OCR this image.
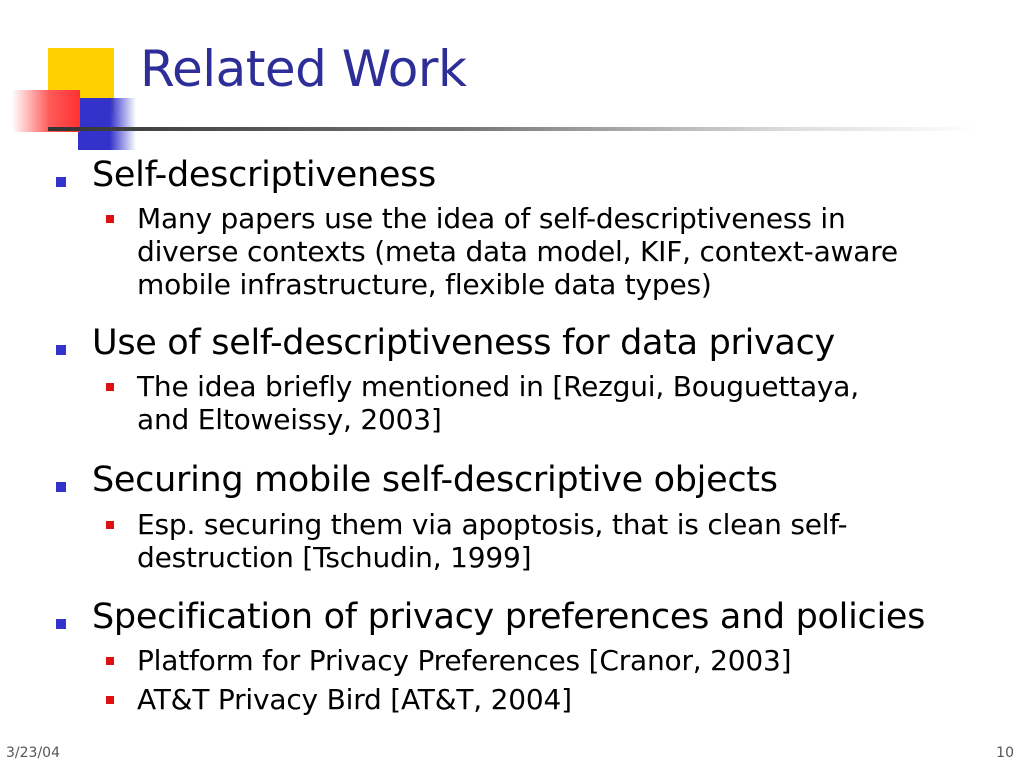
Related Work
Self-descriptiveness
Many papers use the idea of self-descriptiveness in
diverse contexts (meta data model, KIF, context-aware
mobile infrastructure, flexible data types)
Use of self-descriptiveness for data privacy
The idea briefly mentioned in [Rezgui, Bouguettaya,
and Eltoweissy, 2003]
Securing mobile self-descriptive objects
Esp. securing them via apoptosis, that is clean self-
destruction [Tschudin, 1999]
Specification of privacy preferences and policies
Platform for Privacy Preferences [Cranor, 2003]
AT&T Privacy Bird [AT&T, 2004]
3/23/04	10
